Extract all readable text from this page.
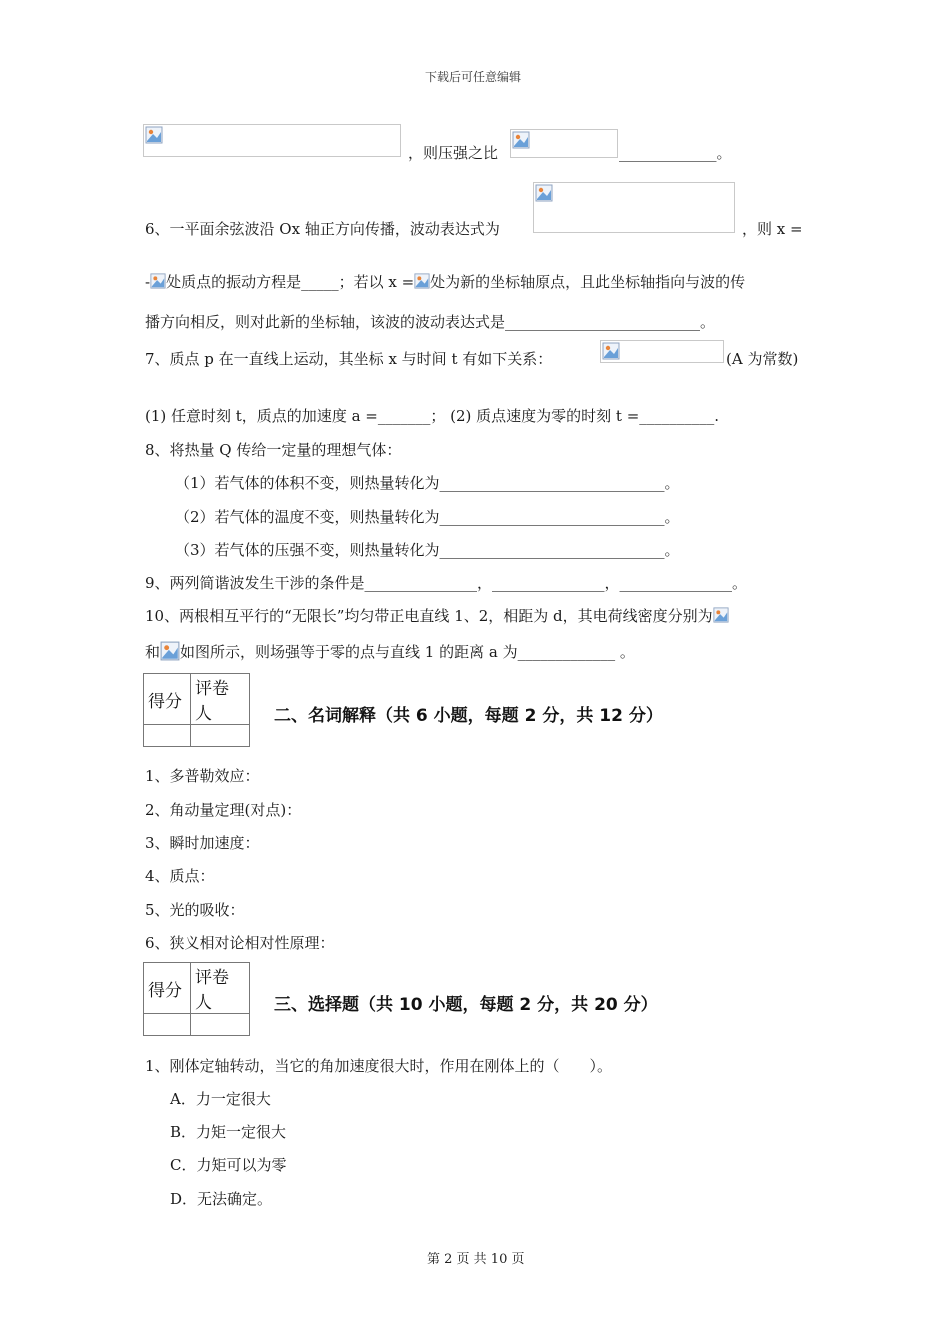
下载后可任意编辑
，则压强之比	_____________。
6、一平面余弦波沿 Ox 轴正方向传播，波动表达式为	，则 x =
- 处质点的振动方程是_____；若以 x = 处为新的坐标轴原点，且此坐标轴指向与波的传
播方向相反，则对此新的坐标轴，该波的波动表达式是__________________________。
7、质点 p 在一直线上运动，其坐标 x 与时间 t 有如下关系：	(A 为常数)
(1) 任意时刻 t，质点的加速度 a =_______； (2) 质点速度为零的时刻 t =__________.
8、将热量 Q 传给一定量的理想气体：
（1）若气体的体积不变，则热量转化为______________________________。
（2）若气体的温度不变，则热量转化为______________________________。
（3）若气体的压强不变，则热量转化为______________________________。
9、两列简谐波发生干涉的条件是_______________，_______________，_______________。
10、两根相互平行的“无限长”均匀带正电直线 1、2，相距为 d，其电荷线密度分别为
和 如图所示，则场强等于零的点与直线 1 的距离 a 为_____________ 。
得分	评卷人
		二、名词解释（共 6 小题，每题 2 分，共 12 分）
1、多普勒效应：
2、角动量定理(对点)：
3、瞬时加速度：
4、质点：
5、光的吸收：
6、狭义相对论相对性原理：
得分	评卷人
		三、选择题（共 10 小题，每题 2 分，共 20 分）
1、刚体定轴转动，当它的角加速度很大时，作用在刚体上的（　　）。
A．力一定很大
B．力矩一定很大
C．力矩可以为零
D．无法确定。
第 2 页 共 10 页
